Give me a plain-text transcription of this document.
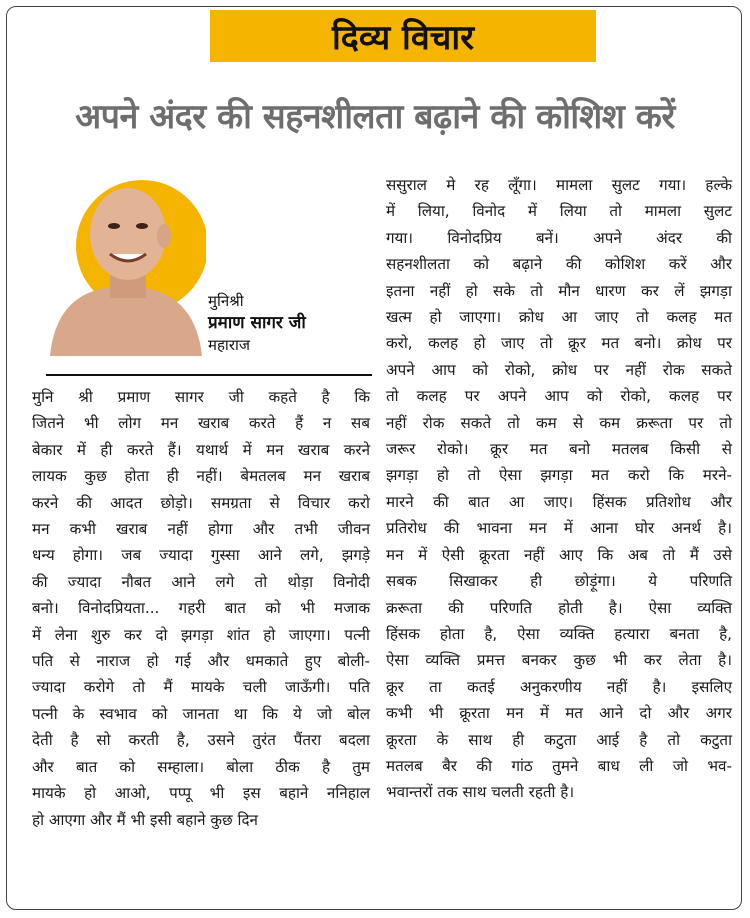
दिव्य विचार
अपने अंदर की सहनशीलता बढ़ाने की कोशिश करें
मुनिश्री
प्रमाण सागर जी
महाराज
मुनि श्री प्रमाण सागर जी कहते है कि
जितने भी लोग मन खराब करते हैं न सब
बेकार में ही करते हैं। यथार्थ में मन खराब करने
लायक कुछ होता ही नहीं। बेमतलब मन खराब
करने की आदत छोड़ो। समग्रता से विचार करो
मन कभी खराब नहीं होगा और तभी जीवन
धन्य होगा। जब ज्यादा गुस्सा आने लगे, झगड़े
की ज्यादा नौबत आने लगे तो थोड़ा विनोदी
बनो। विनोदप्रियता... गहरी बात को भी मजाक
में लेना शुरु कर दो झगड़ा शांत हो जाएगा। पत्नी
पति से नाराज हो गई और धमकाते हुए बोली-
ज्यादा करोगे तो मैं मायके चली जाऊँगी। पति
पत्नी के स्वभाव को जानता था कि ये जो बोल
देती है सो करती है, उसने तुरंत पैंतरा बदला
और बात को सम्हाला। बोला ठीक है तुम
मायके हो आओ, पप्पू भी इस बहाने ननिहाल
हो आएगा और मैं भी इसी बहाने कुछ दिन
ससुराल मे रह लूँगा। मामला सुलट गया। हल्के
में लिया, विनोद में लिया तो मामला सुलट
गया। विनोदप्रिय बनें। अपने अंदर की
सहनशीलता को बढ़ाने की कोशिश करें और
इतना नहीं हो सके तो मौन धारण कर लें झगड़ा
खत्म हो जाएगा। क्रोध आ जाए तो कलह मत
करो, कलह हो जाए तो क्रूर मत बनो। क्रोध पर
अपने आप को रोको, क्रोध पर नहीं रोक सकते
तो कलह पर अपने आप को रोको, कलह पर
नहीं रोक सकते तो कम से कम क्ररूता पर तो
जरूर रोको। क्रूर मत बनो मतलब किसी से
झगड़ा हो तो ऐसा झगड़ा मत करो कि मरने-
मारने की बात आ जाए। हिंसक प्रतिशोध और
प्रतिरोध की भावना मन में आना घोर अनर्थ है।
मन में ऐसी क्रूरता नहीं आए कि अब तो मैं उसे
सबक सिखाकर ही छोड़ूंगा। ये परिणति
क्ररूता की परिणति होती है। ऐसा व्यक्ति
हिंसक होता है, ऐसा व्यक्ति हत्यारा बनता है,
ऐसा व्यक्ति प्रमत्त बनकर कुछ भी कर लेता है।
क्रूर ता कतई अनुकरणीय नहीं है। इसलिए
कभी भी क्रूरता मन में मत आने दो और अगर
क्रूरता के साथ ही कटुता आई है तो कटुता
मतलब बैर की गांठ तुमने बाध ली जो भव-
भवान्तरों तक साथ चलती रहती है।
